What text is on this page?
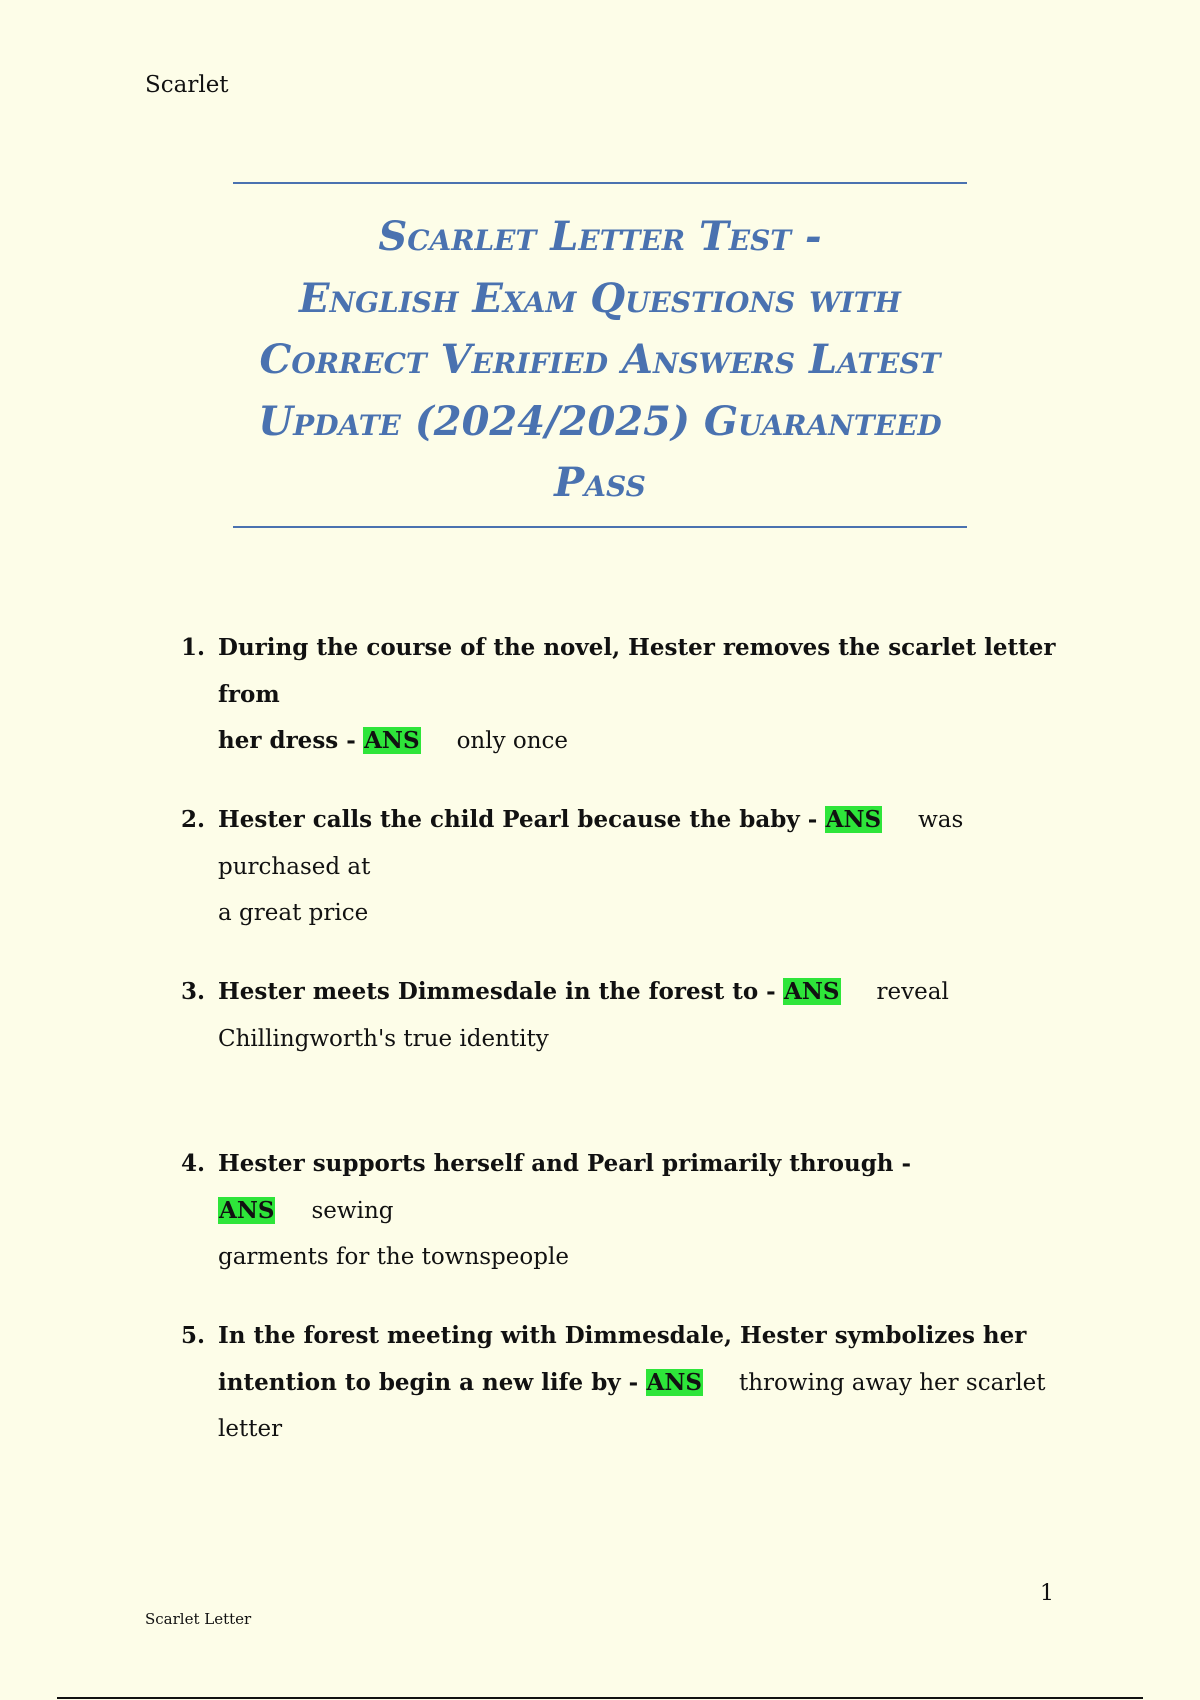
Scarlet
Scarlet Letter Test -
English Exam Questions with
Correct Verified Answers Latest
Update (2024/2025) Guaranteed
Pass
1. During the course of the novel, Hester removes the scarlet letter from
her dress - ANS only once
2. Hester calls the child Pearl because the baby - ANS was purchased at
a great price
3. Hester meets Dimmesdale in the forest to - ANS reveal
Chillingworth's true identity
4. Hester supports herself and Pearl primarily through - ANS sewing
garments for the townspeople
5. In the forest meeting with Dimmesdale, Hester symbolizes her
intention to begin a new life by - ANS throwing away her scarlet letter
1
Scarlet Letter
